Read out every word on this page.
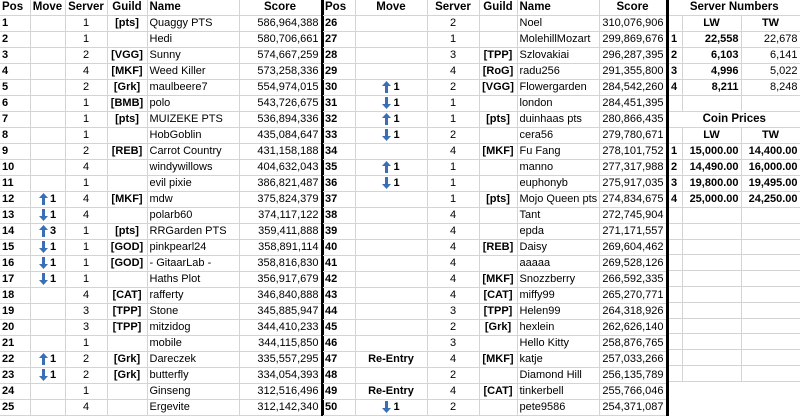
Pos	Move	Server	Guild	Name	Score
1		1	[pts]	Quaggy PTS	586,964,388
2		1		Hedi	580,706,661
3		2	[VGG]	Sunny	574,667,259
4		4	[MKF]	Weed Killer	573,258,336
5		2	[Grk]	maulbeere7	554,974,015
6		1	[BMB]	polo	543,726,675
7		1	[pts]	MUIZEKE PTS	536,894,336
8		1		HobGoblin	435,084,647
9		2	[REB]	Carrot Country	431,158,188
10		4		windywillows	404,632,043
11		1		evil pixie	386,821,487
12	1	4	[MKF]	mdw	375,824,379
13	1	4		polarb60	374,117,122
14	3	1	[pts]	RRGarden PTS	359,411,888
15	1	1	[GOD]	pinkpearl24	358,891,114
16	1	1	[GOD]	- GitaarLab -	358,816,830
17	1	1		Haths Plot	356,917,679
18		4	[CAT]	rafferty	346,840,888
19		3	[TPP]	Stone	345,885,947
20		3	[TPP]	mitzidog	344,410,233
21		1		mobile	344,115,850
22	1	2	[Grk]	Dareczek	335,557,295
23	1	2	[Grk]	butterfly	334,054,393
24		1		Ginseng	312,516,496
25		4		Ergevite	312,142,340
Pos	Move	Server	Guild	Name	Score
26		2		Noel	310,076,906
27		1		MolehillMozart	299,869,676
28		3	[TPP]	Szlovakiai	296,287,395
29		4	[RoG]	radu256	291,355,800
30	1	2	[VGG]	Flowergarden	284,542,260
31	1	1		london	284,451,395
32	1	1	[pts]	duinhaas pts	280,866,435
33	1	2		cera56	279,780,671
34		4	[MKF]	Fu Fang	278,101,752
35	1	1		manno	277,317,988
36	1	1		euphonyb	275,917,035
37		1	[pts]	Mojo Queen pts	274,834,675
38		4		Tant	272,745,904
39		4		epda	271,171,557
40		4	[REB]	Daisy	269,604,462
41		4		aaaaa	269,528,126
42		4	[MKF]	Snozzberry	266,592,335
43		4	[CAT]	miffy99	265,270,771
44		3	[TPP]	Helen99	264,318,926
45		2	[Grk]	hexlein	262,626,140
46		3		Hello Kitty	258,876,765
47	Re-Entry	4	[MKF]	katje	257,033,266
48		2		Diamond Hill	256,135,789
49	Re-Entry	4	[CAT]	tinkerbell	255,766,046
50	1	2		pete9586	254,371,087
Server Numbers		
	LW	TW
1	22,558	22,678
2	6,103	6,141
3	4,996	5,022
4	8,211	8,248

Coin Prices		
	LW	TW
1	15,000.00	14,400.00
2	14,490.00	16,000.00
3	19,800.00	19,495.00
4	25,000.00	24,250.00
